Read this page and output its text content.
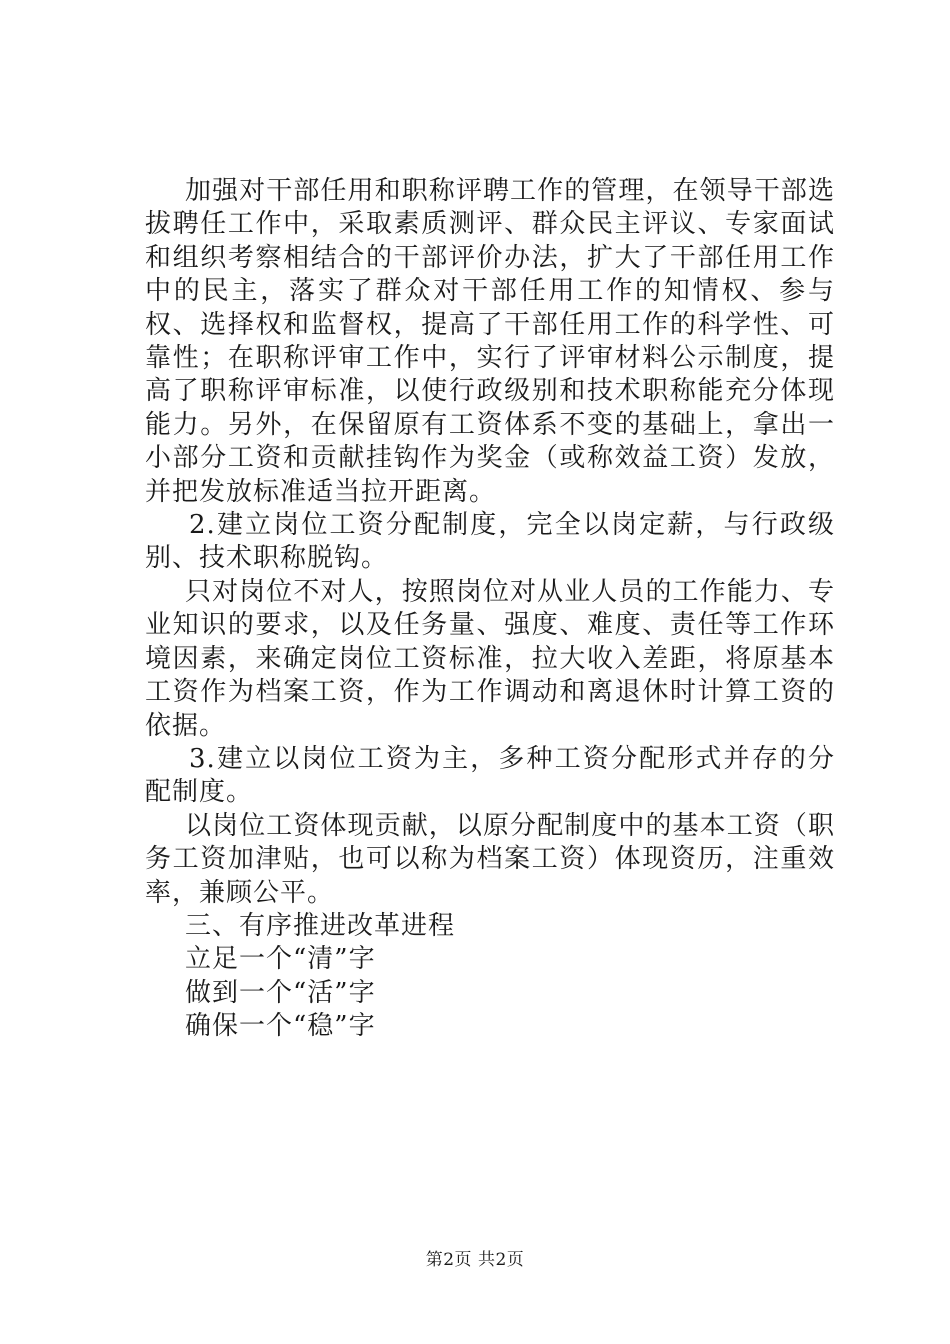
加强对干部任用和职称评聘工作的管理，在领导干部选拔聘任工作中，采取素质测评、群众民主评议、专家面试和组织考察相结合的干部评价办法，扩大了干部任用工作中的民主，落实了群众对干部任用工作的知情权、参与权、选择权和监督权，提高了干部任用工作的科学性、可靠性；在职称评审工作中，实行了评审材料公示制度，提高了职称评审标准，以使行政级别和技术职称能充分体现能力。另外，在保留原有工资体系不变的基础上，拿出一小部分工资和贡献挂钩作为奖金（或称效益工资）发放，并把发放标准适当拉开距离。

2.建立岗位工资分配制度，完全以岗定薪，与行政级别、技术职称脱钩。

只对岗位不对人，按照岗位对从业人员的工作能力、专业知识的要求，以及任务量、强度、难度、责任等工作环境因素，来确定岗位工资标准，拉大收入差距，将原基本工资作为档案工资，作为工作调动和离退休时计算工资的依据。

3.建立以岗位工资为主，多种工资分配形式并存的分配制度。

以岗位工资体现贡献，以原分配制度中的基本工资（职务工资加津贴，也可以称为档案工资）体现资历，注重效率，兼顾公平。

三、有序推进改革进程

立足一个“清”字

做到一个“活”字

确保一个“稳”字

第2页 共2页
